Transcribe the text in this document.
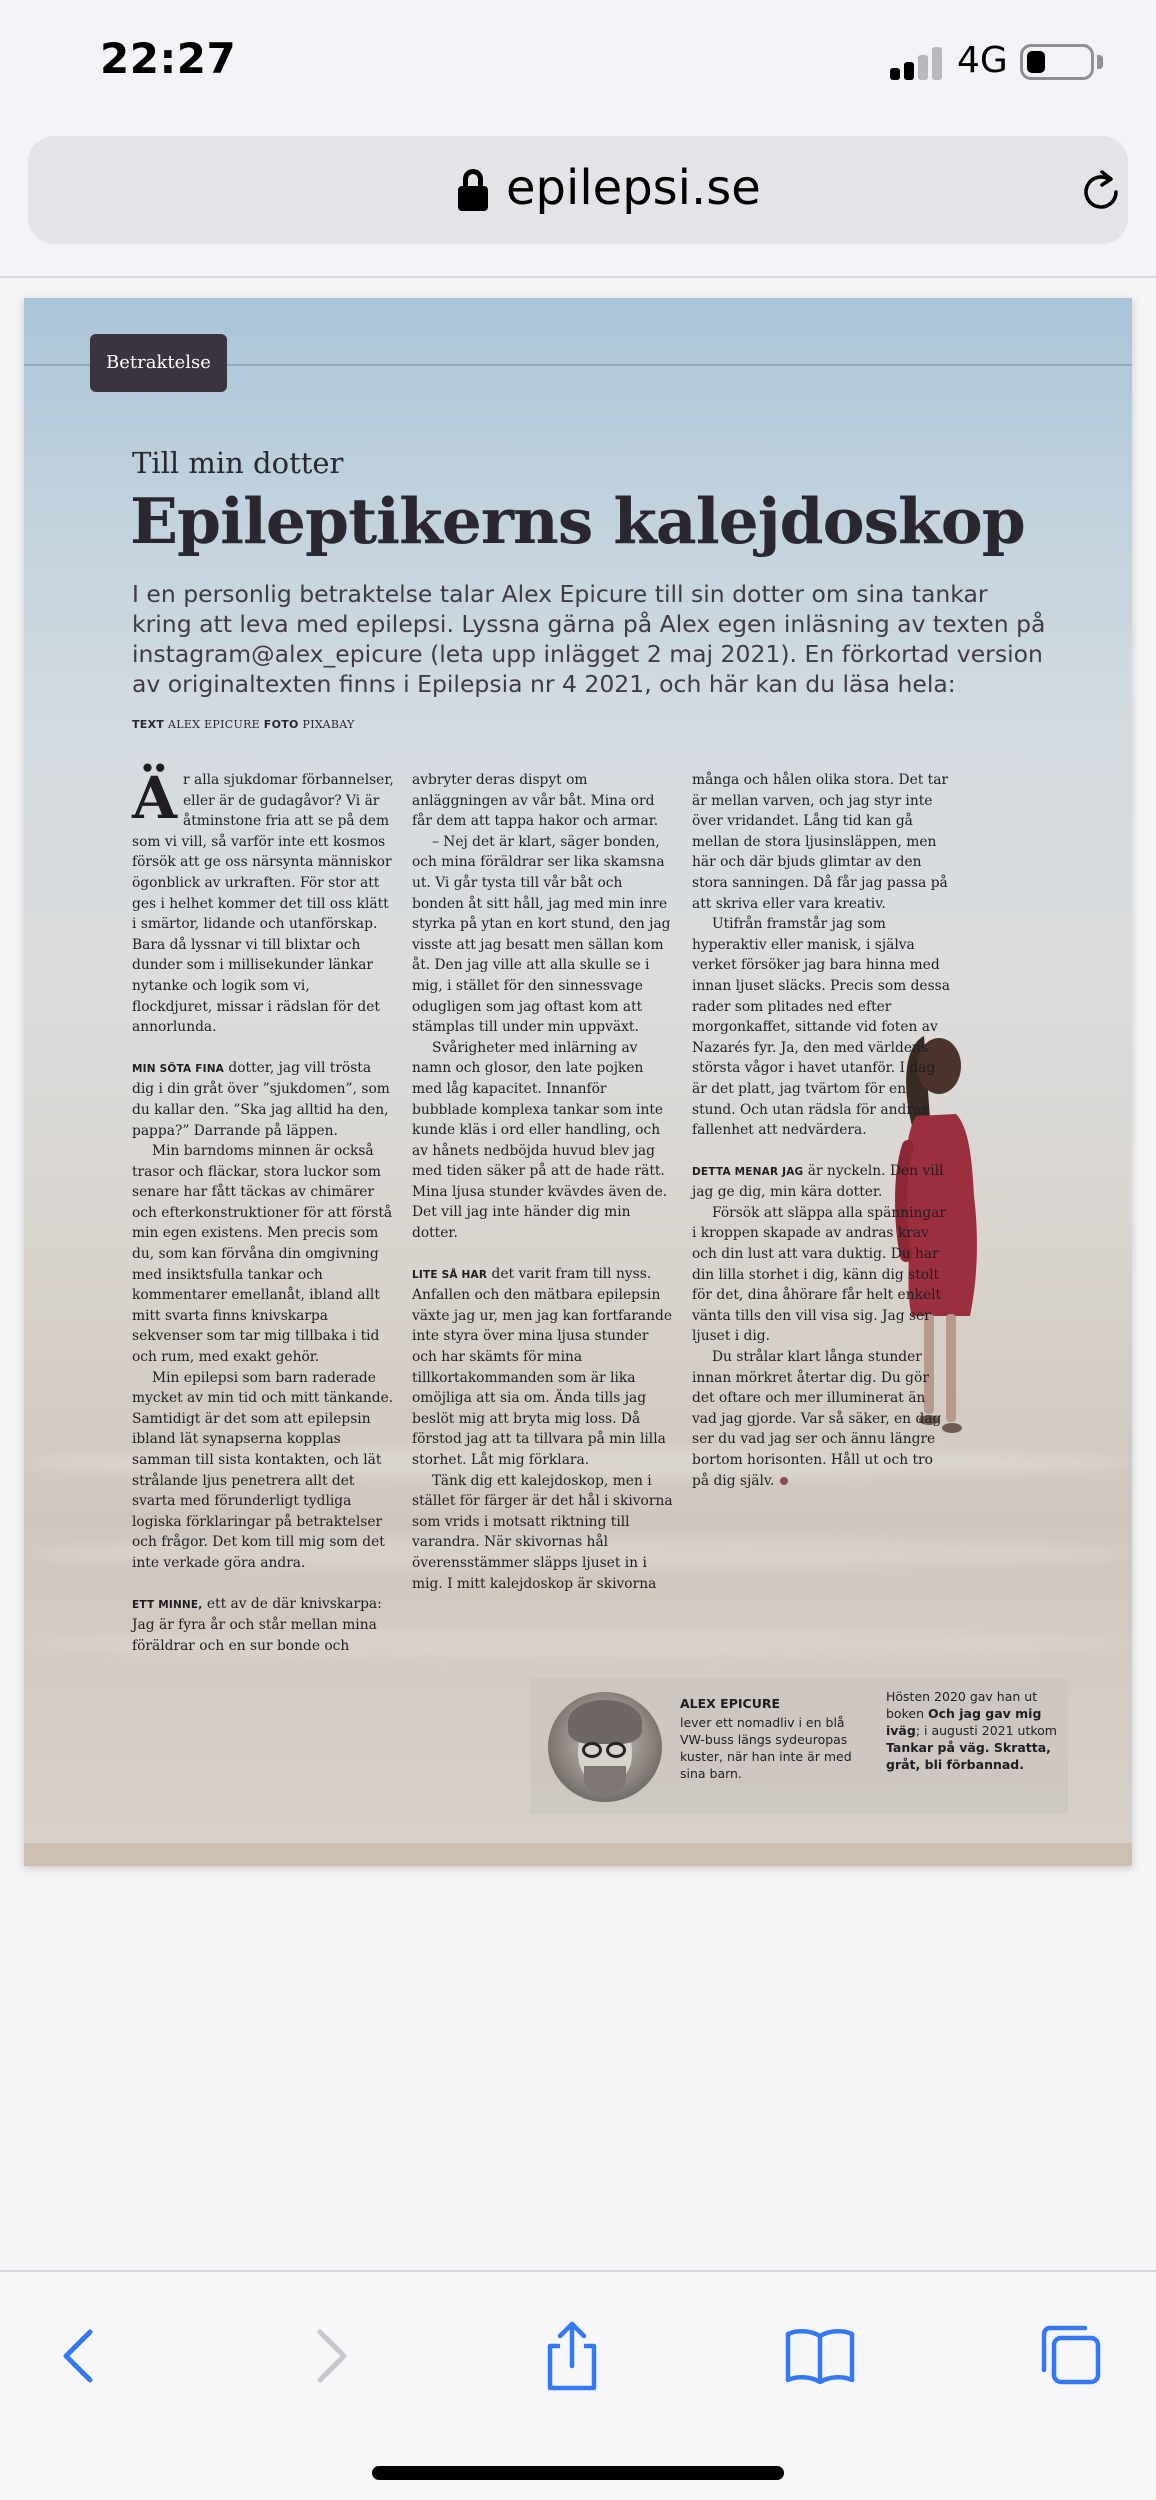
22:27	4G
epilepsi.se
Betraktelse
Till min dotter
Epileptikerns kalejdoskop
I en personlig betraktelse talar Alex Epicure till sin dotter om sina tankar kring att leva med epilepsi. Lyssna gärna på Alex egen inläsning av texten på instagram@alex_epicure (leta upp inlägget 2 maj 2021). En förkortad version av originaltexten finns i Epilepsia nr 4 2021, och här kan du läsa hela:
TEXT ALEX EPICURE FOTO PIXABAY

Är alla sjukdomar förbannelser, eller är de gudagåvor? Vi är åtminstone fria att se på dem som vi vill, så varför inte ett kosmos försök att ge oss närsynta människor ögonblick av urkraften. För stor att ges i helhet kommer det till oss klätt i smärtor, lidande och utanförskap. Bara då lyssnar vi till blixtar och dunder som i millisekunder länkar nytanke och logik som vi, flockdjuret, missar i rädslan för det annorlunda.

MIN SÖTA FINA dotter, jag vill trösta dig i din gråt över ”sjukdomen”, som du kallar den. ”Ska jag alltid ha den, pappa?” Darrande på läppen.

Min barndoms minnen är också trasor och fläckar, stora luckor som senare har fått täckas av chimärer och efterkonstruktioner för att förstå min egen existens. Men precis som du, som kan förvåna din omgivning med insiktsfulla tankar och kommentarer emellanåt, ibland allt mitt svarta finns knivskarpa sekvenser som tar mig tillbaka i tid och rum, med exakt gehör.

Min epilepsi som barn raderade mycket av min tid och mitt tänkande. Samtidigt är det som att epilepsin ibland lät synapserna kopplas samman till sista kontakten, och lät strålande ljus penetrera allt det svarta med förunderligt tydliga logiska förklaringar på betraktelser och frågor. Det kom till mig som det inte verkade göra andra.

ETT MINNE, ett av de där knivskarpa: Jag är fyra år och står mellan mina föräldrar och en sur bonde och

avbryter deras dispyt om anläggningen av vår båt. Mina ord får dem att tappa hakor och armar.

– Nej det är klart, säger bonden, och mina föräldrar ser lika skamsna ut. Vi går tysta till vår båt och bonden åt sitt håll, jag med min inre styrka på ytan en kort stund, den jag visste att jag besatt men sällan kom åt. Den jag ville att alla skulle se i mig, i stället för den sinnessvage odugligen som jag oftast kom att stämplas till under min uppväxt.

Svårigheter med inlärning av namn och glosor, den late pojken med låg kapacitet. Innanför bubblade komplexa tankar som inte kunde kläs i ord eller handling, och av hånets nedböjda huvud blev jag med tiden säker på att de hade rätt. Mina ljusa stunder kvävdes även de. Det vill jag inte händer dig min dotter.

LITE SÅ HAR det varit fram till nyss. Anfallen och den mätbara epilepsin växte jag ur, men jag kan fortfarande inte styra över mina ljusa stunder och har skämts för mina tillkortakommanden som är lika omöjliga att sia om. Ända tills jag beslöt mig att bryta mig loss. Då förstod jag att ta tillvara på min lilla storhet. Låt mig förklara.

Tänk dig ett kalejdoskop, men i stället för färger är det hål i skivorna som vrids i motsatt riktning till varandra. När skivornas hål överensstämmer släpps ljuset in i mig. I mitt kalejdoskop är skivorna

många och hålen olika stora. Det tar är mellan varven, och jag styr inte över vridandet. Lång tid kan gå mellan de stora ljusinsläppen, men här och där bjuds glimtar av den stora sanningen. Då får jag passa på att skriva eller vara kreativ.

Utifrån framstår jag som hyperaktiv eller manisk, i själva verket försöker jag bara hinna med innan ljuset släcks. Precis som dessa rader som plitades ned efter morgonkaffet, sittande vid foten av Nazarés fyr. Ja, den med världens största vågor i havet utanför. I dag är det platt, jag tvärtom för en stund. Och utan rädsla för andras fallenhet att nedvärdera.

DETTA MENAR JAG är nyckeln. Den vill jag ge dig, min kära dotter.

Försök att släppa alla spänningar i kroppen skapade av andras krav och din lust att vara duktig. Du har din lilla storhet i dig, känn dig stolt för det, dina åhörare får helt enkelt vänta tills den vill visa sig. Jag ser ljuset i dig.

Du strålar klart långa stunder innan mörkret återtar dig. Du gör det oftare och mer illuminerat än vad jag gjorde. Var så säker, en dag ser du vad jag ser och ännu längre bortom horisonten. Håll ut och tro på dig själv.

ALEX EPICURE
lever ett nomadliv i en blå VW-buss längs sydeuropas kuster, när han inte är med sina barn.
Hösten 2020 gav han ut boken Och jag gav mig iväg; i augusti 2021 utkom Tankar på väg. Skratta, gråt, bli förbannad.
